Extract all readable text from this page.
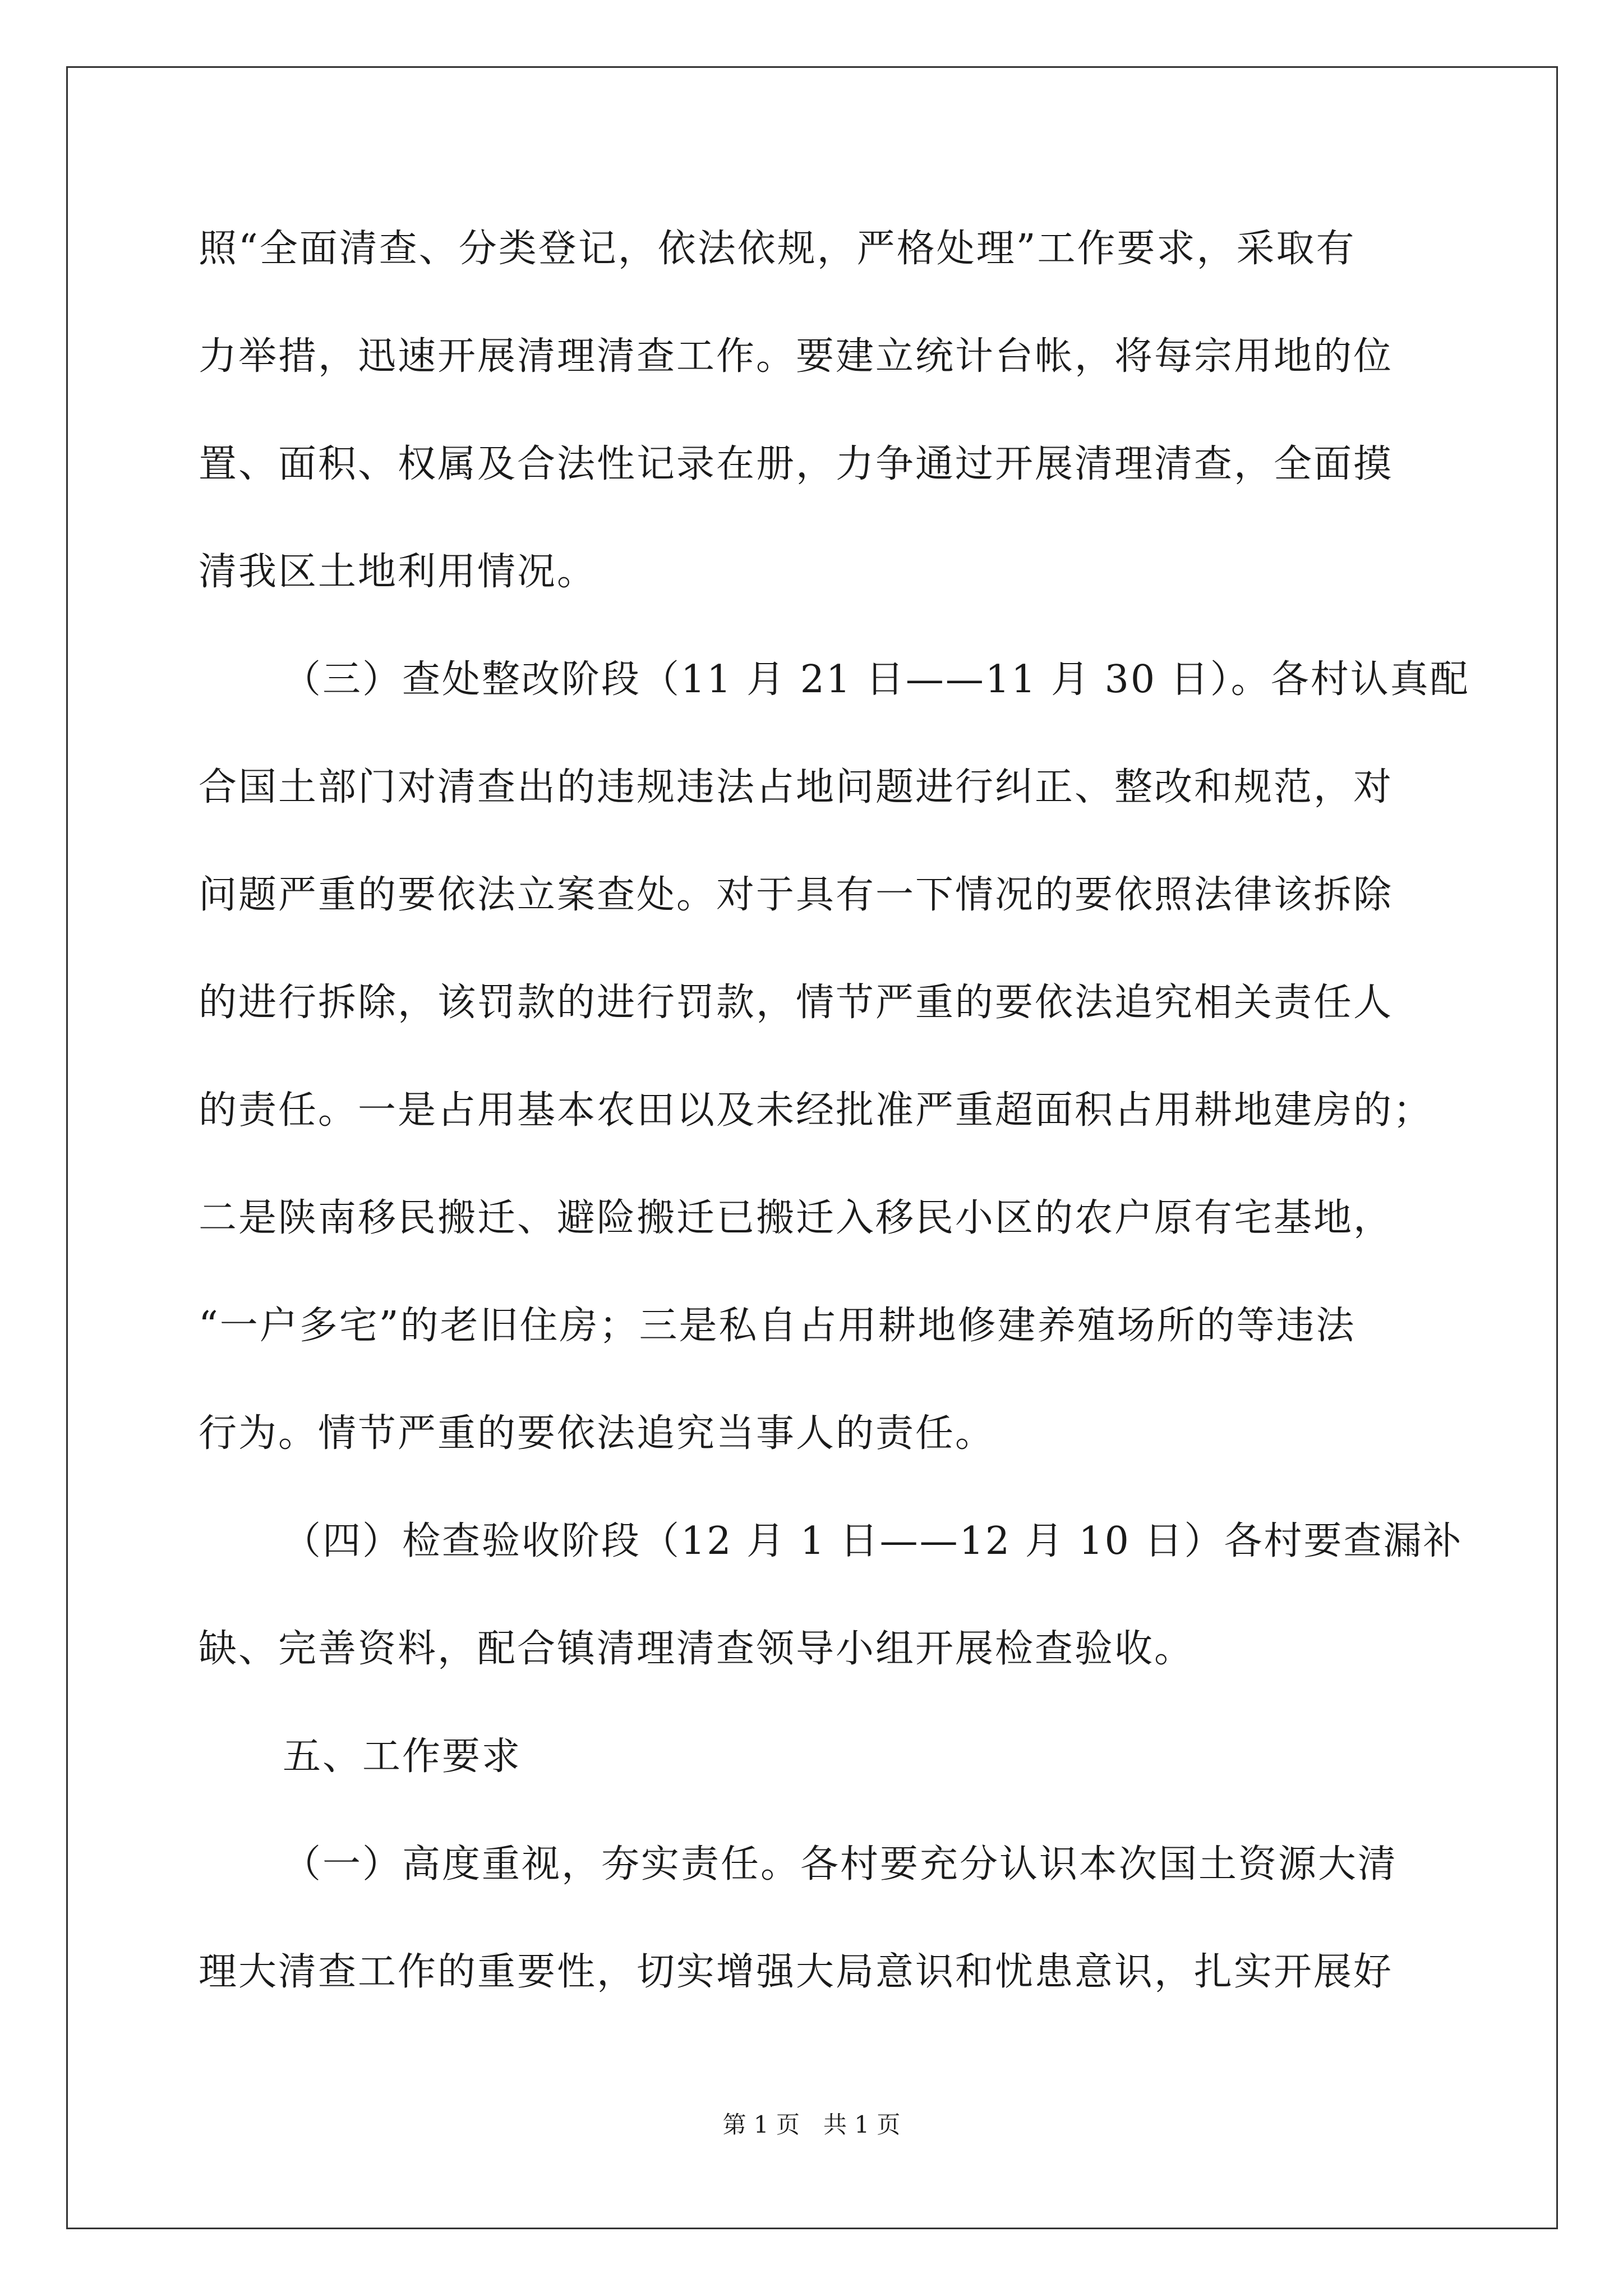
照“全面清查、分类登记，依法依规，严格处理”工作要求，采取有
力举措，迅速开展清理清查工作。要建立统计台帐，将每宗用地的位
置、面积、权属及合法性记录在册，力争通过开展清理清查，全面摸
清我区土地利用情况。
（三）查处整改阶段（11 月 21 日——11 月 30 日）。各村认真配
合国土部门对清查出的违规违法占地问题进行纠正、整改和规范，对
问题严重的要依法立案查处。对于具有一下情况的要依照法律该拆除
的进行拆除，该罚款的进行罚款，情节严重的要依法追究相关责任人
的责任。一是占用基本农田以及未经批准严重超面积占用耕地建房的；
二是陕南移民搬迁、避险搬迁已搬迁入移民小区的农户原有宅基地，
“一户多宅”的老旧住房；三是私自占用耕地修建养殖场所的等违法
行为。情节严重的要依法追究当事人的责任。
（四）检查验收阶段（12 月 1 日——12 月 10 日）各村要查漏补
缺、完善资料，配合镇清理清查领导小组开展检查验收。
五、工作要求
（一）高度重视，夯实责任。各村要充分认识本次国土资源大清
理大清查工作的重要性，切实增强大局意识和忧患意识，扎实开展好
第 1 页　共 1 页
